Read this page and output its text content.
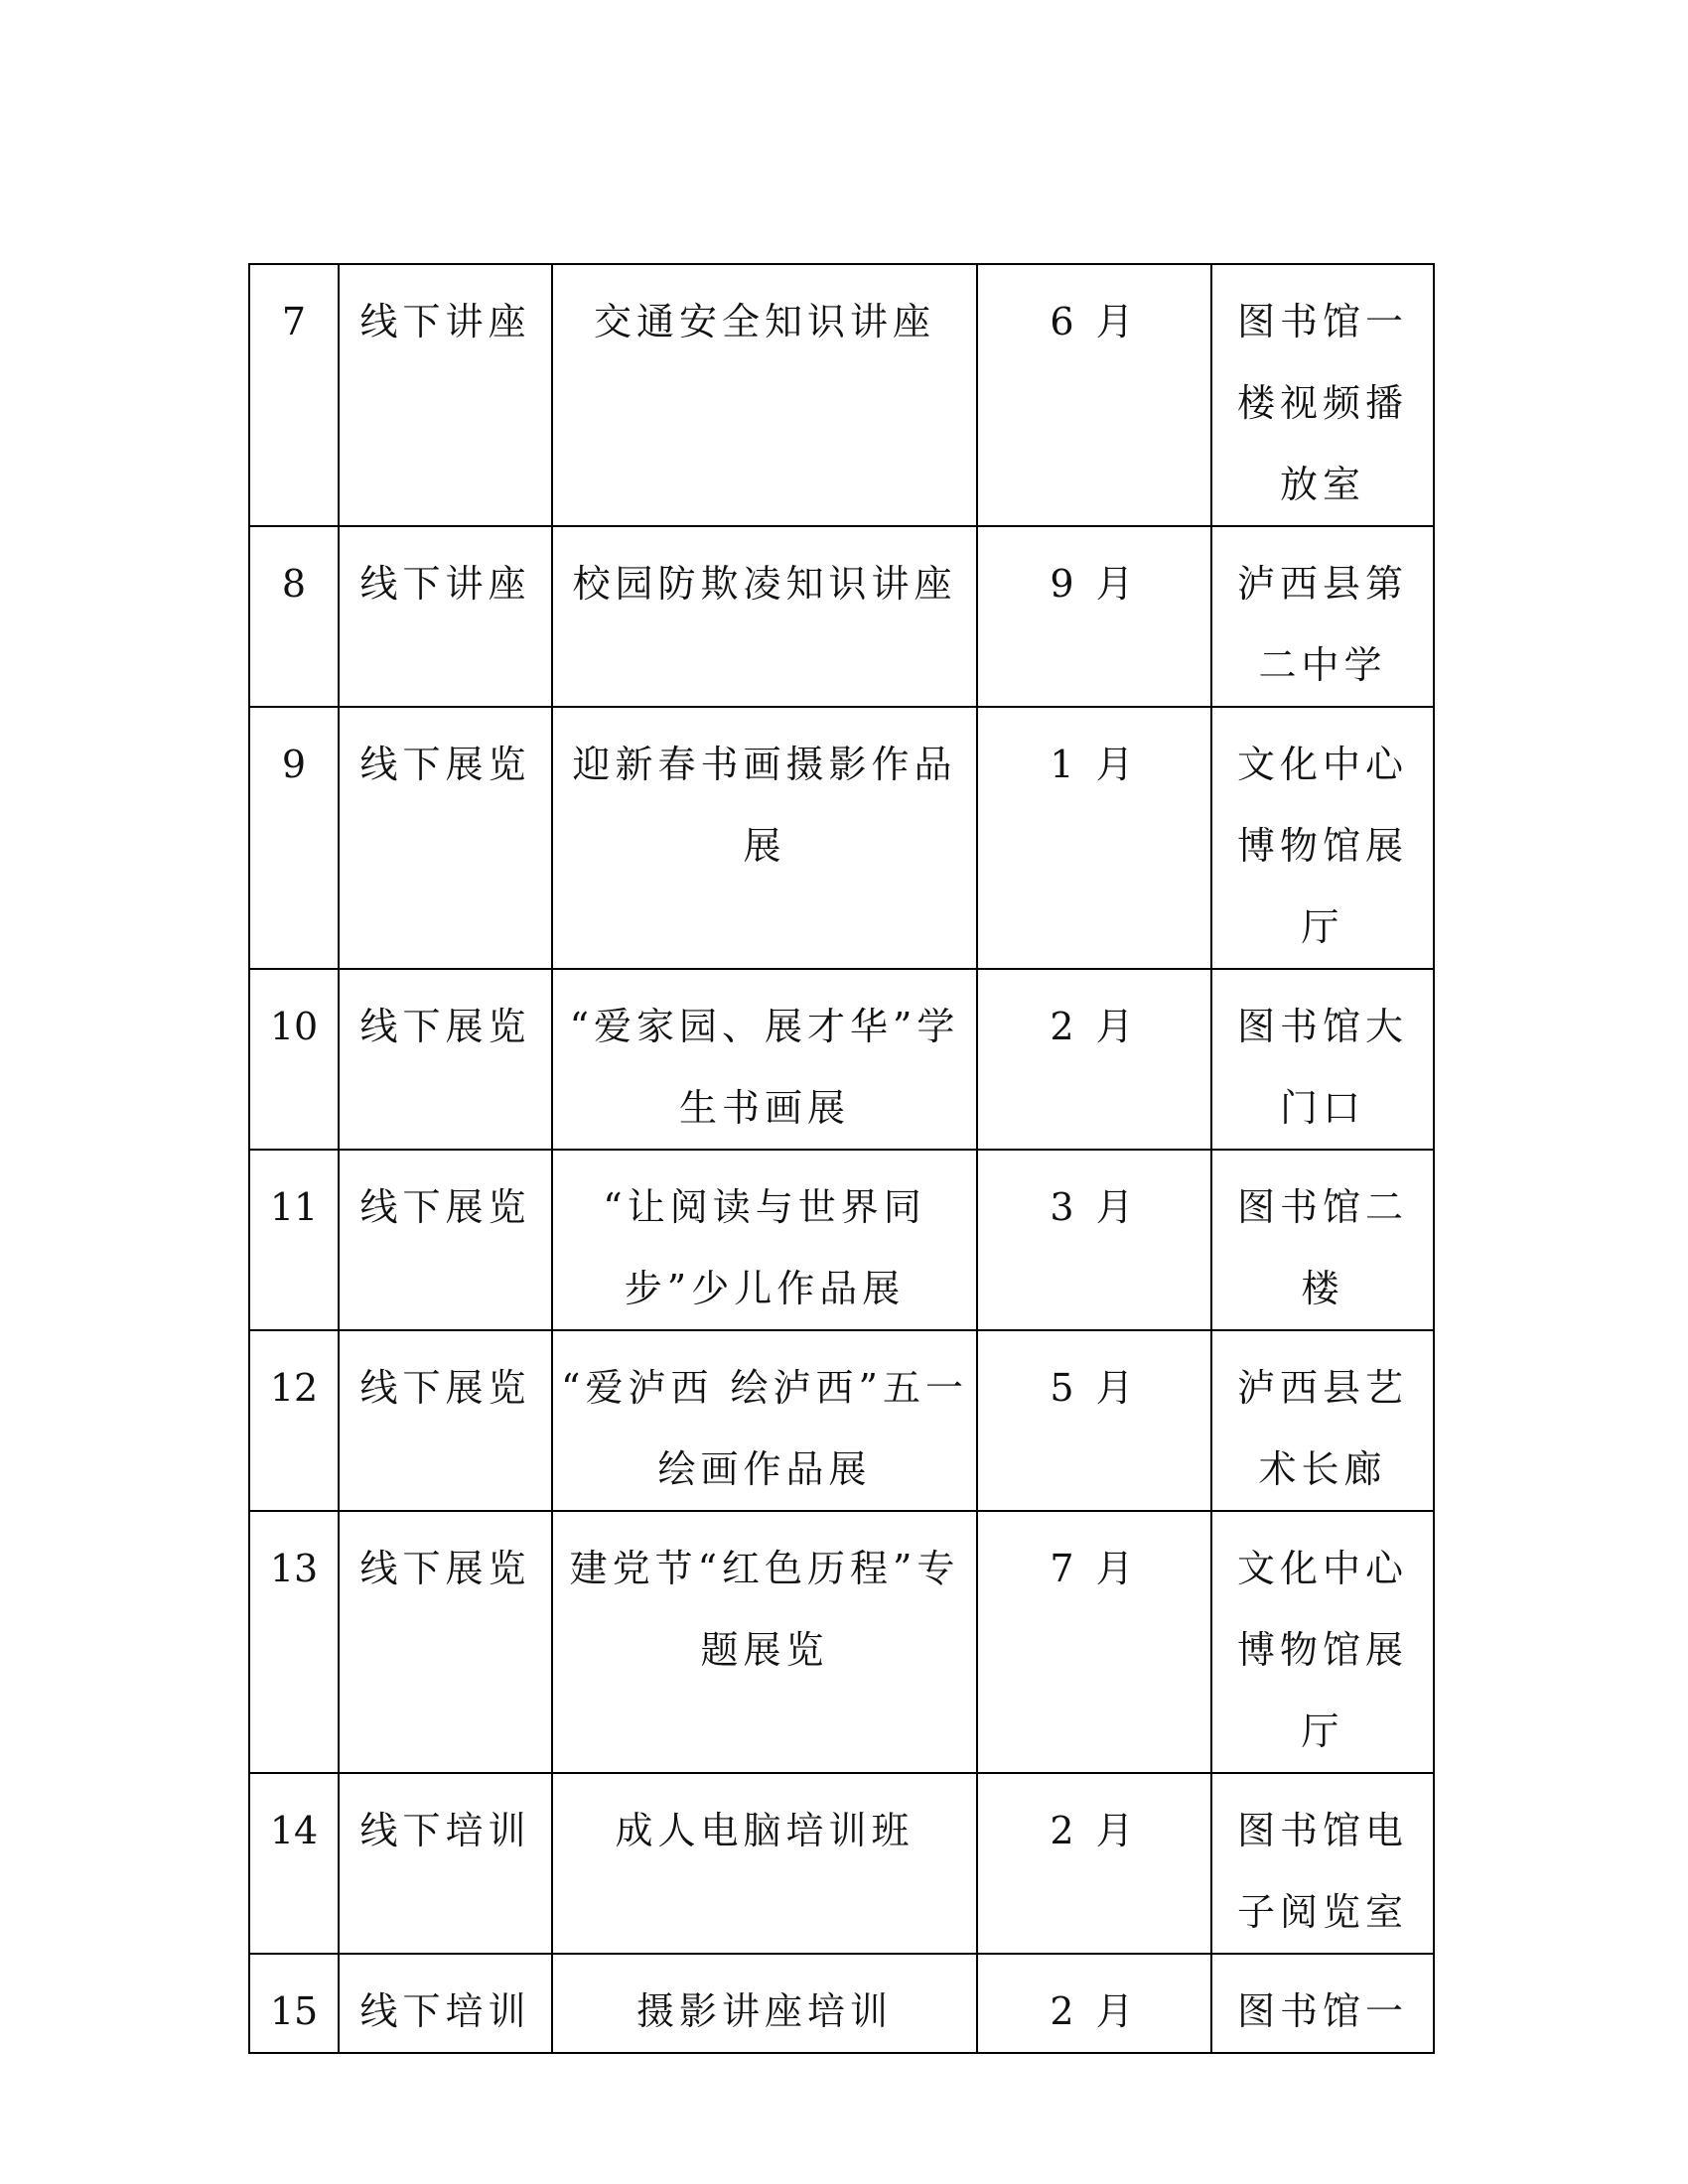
7	线下讲座	交通安全知识讲座	6 月	图书馆一楼视频播放室
8	线下讲座	校园防欺凌知识讲座	9 月	泸西县第二中学
9	线下展览	迎新春书画摄影作品展	1 月	文化中心博物馆展厅
10	线下展览	“爱家园、展才华”学生书画展	2 月	图书馆大门口
11	线下展览	“让阅读与世界同步”少儿作品展	3 月	图书馆二楼
12	线下展览	“爱泸西 绘泸西”五一绘画作品展	5 月	泸西县艺术长廊
13	线下展览	建党节“红色历程”专题展览	7 月	文化中心博物馆展厅
14	线下培训	成人电脑培训班	2 月	图书馆电子阅览室
15	线下培训	摄影讲座培训	2 月	图书馆一
